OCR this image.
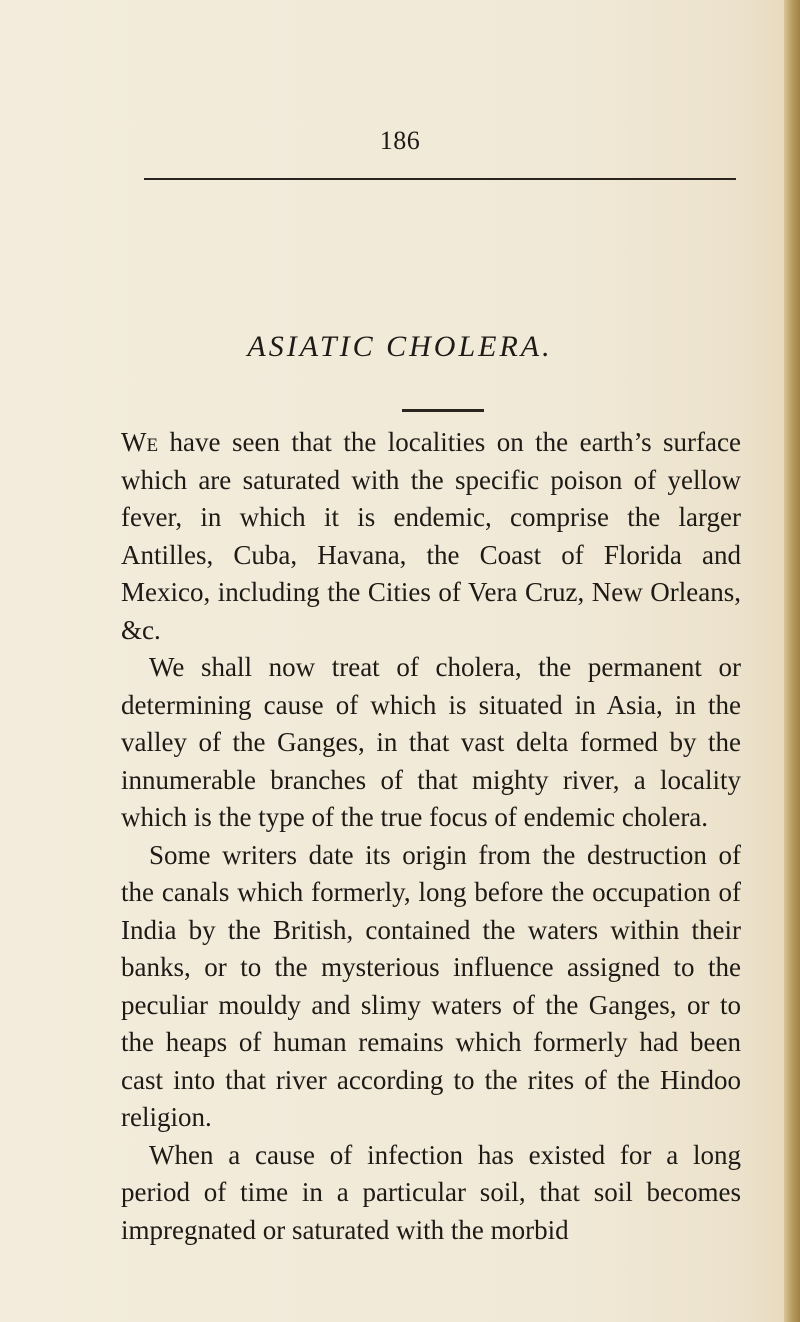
186
ASIATIC CHOLERA.

We have seen that the localities on the earth’s surface which are saturated with the specific poison of yellow fever, in which it is endemic, comprise the larger Antilles, Cuba, Havana, the Coast of Florida and Mexico, including the Cities of Vera Cruz, New Orleans, &c.

We shall now treat of cholera, the permanent or determining cause of which is situated in Asia, in the valley of the Ganges, in that vast delta formed by the innumerable branches of that mighty river, a locality which is the type of the true focus of endemic cholera.

Some writers date its origin from the destruction of the canals which formerly, long before the occupation of India by the British, contained the waters within their banks, or to the mysterious influence assigned to the peculiar mouldy and slimy waters of the Ganges, or to the heaps of human remains which formerly had been cast into that river according to the rites of the Hindoo religion.

When a cause of infection has existed for a long period of time in a particular soil, that soil becomes impregnated or saturated with the morbid
